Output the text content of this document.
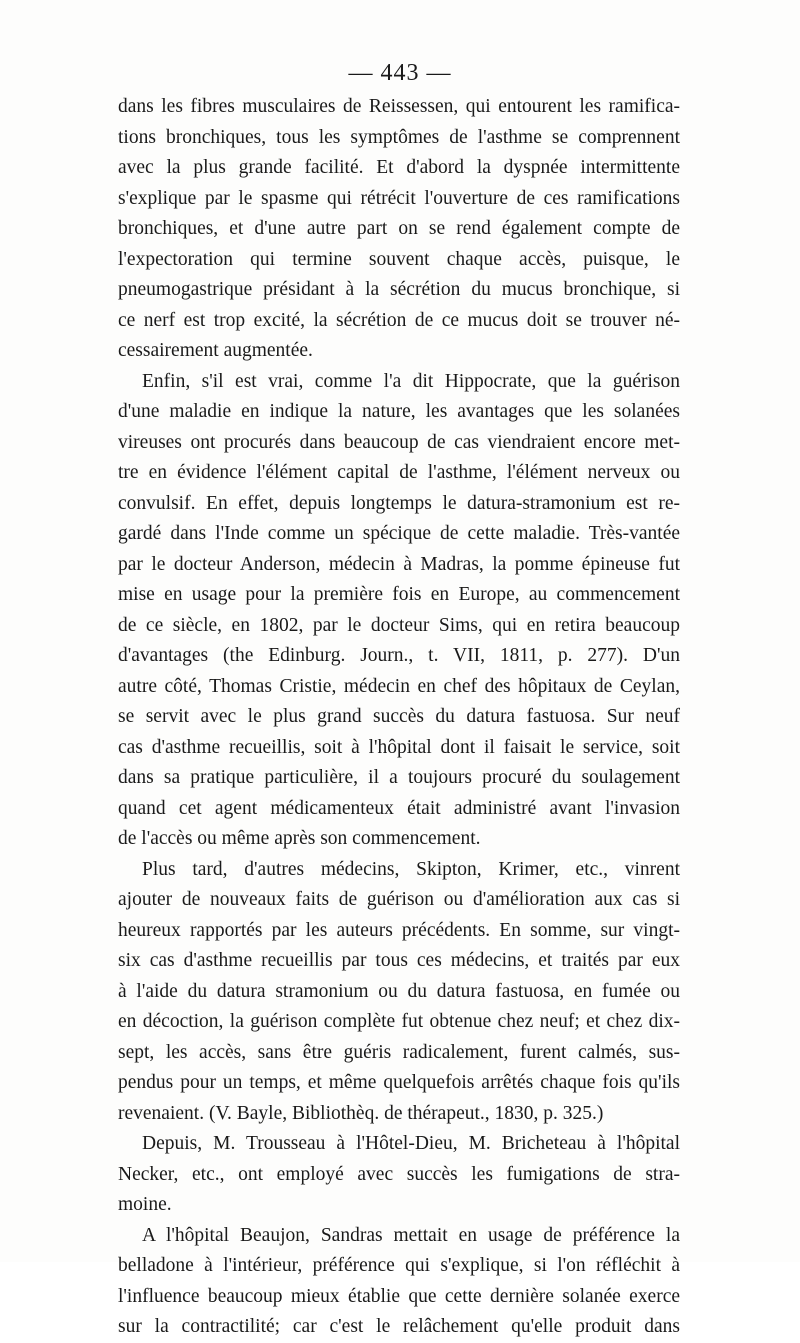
— 443 —
dans les fibres musculaires de Reissessen, qui entourent les ramifica-
tions bronchiques, tous les symptômes de l'asthme se comprennent
avec la plus grande facilité. Et d'abord la dyspnée intermittente
s'explique par le spasme qui rétrécit l'ouverture de ces ramifications
bronchiques, et d'une autre part on se rend également compte de
l'expectoration qui termine souvent chaque accès, puisque, le
pneumogastrique présidant à la sécrétion du mucus bronchique, si
ce nerf est trop excité, la sécrétion de ce mucus doit se trouver né-
cessairement augmentée.
Enfin, s'il est vrai, comme l'a dit Hippocrate, que la guérison
d'une maladie en indique la nature, les avantages que les solanées
vireuses ont procurés dans beaucoup de cas viendraient encore met-
tre en évidence l'élément capital de l'asthme, l'élément nerveux ou
convulsif. En effet, depuis longtemps le datura-stramonium est re-
gardé dans l'Inde comme un spécique de cette maladie. Très-vantée
par le docteur Anderson, médecin à Madras, la pomme épineuse fut
mise en usage pour la première fois en Europe, au commencement
de ce siècle, en 1802, par le docteur Sims, qui en retira beaucoup
d'avantages (the Edinburg. Journ., t. VII, 1811, p. 277). D'un
autre côté, Thomas Cristie, médecin en chef des hôpitaux de Ceylan,
se servit avec le plus grand succès du datura fastuosa. Sur neuf
cas d'asthme recueillis, soit à l'hôpital dont il faisait le service, soit
dans sa pratique particulière, il a toujours procuré du soulagement
quand cet agent médicamenteux était administré avant l'invasion
de l'accès ou même après son commencement.
Plus tard, d'autres médecins, Skipton, Krimer, etc., vinrent
ajouter de nouveaux faits de guérison ou d'amélioration aux cas si
heureux rapportés par les auteurs précédents. En somme, sur vingt-
six cas d'asthme recueillis par tous ces médecins, et traités par eux
à l'aide du datura stramonium ou du datura fastuosa, en fumée ou
en décoction, la guérison complète fut obtenue chez neuf; et chez dix-
sept, les accès, sans être guéris radicalement, furent calmés, sus-
pendus pour un temps, et même quelquefois arrêtés chaque fois qu'ils
revenaient. (V. Bayle, Bibliothèq. de thérapeut., 1830, p. 325.)
Depuis, M. Trousseau à l'Hôtel-Dieu, M. Bricheteau à l'hôpital
Necker, etc., ont employé avec succès les fumigations de stra-
moine.
A l'hôpital Beaujon, Sandras mettait en usage de préférence la
belladone à l'intérieur, préférence qui s'explique, si l'on réfléchit à
l'influence beaucoup mieux établie que cette dernière solanée exerce
sur la contractilité; car c'est le relâchement qu'elle produit dans
